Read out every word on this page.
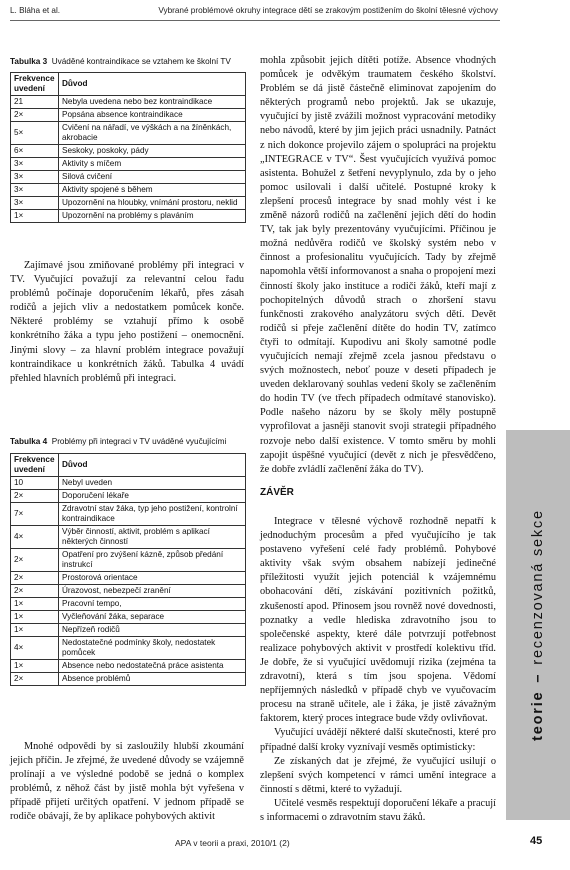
L. Bláha et al.	Vybrané problémové okruhy integrace dětí se zrakovým postižením do školní tělesné výchovy
Tabulka 3 Uváděné kontraindikace se vztahem ke školní TV
Frekvence uvedení	Důvod
21	Nebyla uvedena nebo bez kontraindikace
2×	Popsána absence kontraindikace
5×	Cvičení na nářadí, ve výškách a na žíněnkách, akrobacie
6×	Seskoky, poskoky, pády
3×	Aktivity s míčem
3×	Silová cvičení
3×	Aktivity spojené s během
3×	Upozornění na hloubky, vnímání prostoru, neklid
1×	Upozornění na problémy s plaváním

Zajímavé jsou zmiňované problémy při integraci v TV. Vyučující považují za relevantní celou řadu problémů počínaje doporučením lékařů, přes zásah rodičů a jejich vliv a nedostatkem pomůcek konče. Některé problémy se vztahují přímo k osobě konkrétního žáka a typu jeho postižení – onemocnění. Jinými slovy – za hlavní problém integrace považují kontraindikace u konkrétních žáků. Tabulka 4 uvádí přehled hlavních problémů při integraci.

Tabulka 4 Problémy při integraci v TV uváděné vyučujícími
Frekvence uvedení	Důvod
10	Nebyl uveden
2×	Doporučení lékaře
7×	Zdravotní stav žáka, typ jeho postižení, kontrolní kontraindikace
4×	Výběr činností, aktivit, problém s aplikací některých činností
2×	Opatření pro zvýšení kázně, způsob předání instrukcí
2×	Prostorová orientace
2×	Úrazovost, nebezpečí zranění
1×	Pracovní tempo,
1×	Vyčleňování žáka, separace
1×	Nepřízeň rodičů
4×	Nedostatečné podmínky školy, nedostatek pomůcek
1×	Absence nebo nedostatečná práce asistenta
2×	Absence problémů

Mnohé odpovědi by si zasloužily hlubší zkoumání jejich příčin. Je zřejmé, že uvedené důvody se vzájemně prolínají a ve výsledné podobě se jedná o komplex problémů, z něhož část by jistě mohla být vyřešena v případě přijetí určitých opatření. V jednom případě se rodiče obávají, že by aplikace pohybových aktivit

mohla způsobit jejich dítěti potíže. Absence vhodných pomůcek je odvěkým traumatem českého školství. Problém se dá jistě částečně eliminovat zapojením do některých programů nebo projektů. Jak se ukazuje, vyučující by jistě zvážili možnost vypracování metodiky nebo návodů, které by jim jejich práci usnadnily. Patnáct z nich dokonce projevilo zájem o spolupráci na projektu „INTEGRACE v TV“. Šest vyučujících využívá pomoc asistenta. Bohužel z šetření nevyplynulo, zda by o jeho pomoc usilovali i další učitelé. Postupné kroky k zlepšení procesů integrace by snad mohly vést i ke změně názorů rodičů na začlenění jejich dětí do hodin TV, tak jak byly prezentovány vyučujícími. Příčinou je možná nedůvěra rodičů ve školský systém nebo v činnost a profesionalitu vyučujících. Tady by zřejmě napomohla větší informovanost a snaha o propojení mezi činností školy jako instituce a rodiči žáků, kteří mají z pochopitelných důvodů strach o zhoršení stavu funkčnosti zrakového analyzátoru svých dětí. Devět rodičů si přeje začlenění dítěte do hodin TV, zatímco čtyři to odmítají. Kupodivu ani školy samotné podle vyučujících nemají zřejmě zcela jasnou představu o svých možnostech, neboť pouze v deseti případech je uveden deklarovaný souhlas vedení školy se začleněním do hodin TV (ve třech případech odmítavé stanovisko). Podle našeho názoru by se školy měly postupně vyprofilovat a jasněji stanovit svoji strategii případného rozvoje nebo další existence. V tomto směru by mohli zapojit úspěšné vyučující (devět z nich je přesvědčeno, že dobře zvládlí začlenění žáka do TV).

ZÁVĚR

Integrace v tělesné výchově rozhodně nepatří k jednoduchým procesům a před vyučujícího je tak postaveno vyřešení celé řady problémů. Pohybové aktivity však svým obsahem nabízejí jedinečné příležitosti využít jejich potenciál k vzájemnému obohacování dětí, získávání pozitivních požitků, zkušeností apod. Přinosem jsou rovněž nové dovednosti, poznatky a vedle hlediska zdravotního jsou to společenské aspekty, které dále potvrzují potřebnost realizace pohybových aktivit v prostředí kolektivu tříd. Je dobře, že si vyučující uvědomují rizika (zejména ta zdravotní), která s tím jsou spojena. Vědomí nepříjemných následků v případě chyb ve vyučovacím procesu na straně učitele, ale i žáka, je jistě závažným faktorem, který proces integrace bude vždy ovlivňovat.

Vyučující uvádějí některé další skutečnosti, které pro případné další kroky vyznívají vesměs optimisticky:

Ze získaných dat je zřejmé, že vyučující usilují o zlepšení svých kompetencí v rámci umění integrace a činností s dětmi, které to vyžadují.

Učitelé vesměs respektují doporučení lékaře a pracují s informacemi o zdravotním stavu žáků.

teorie
–
recenzovaná sekce
APA v teorii a praxi, 2010/1 (2)	45
